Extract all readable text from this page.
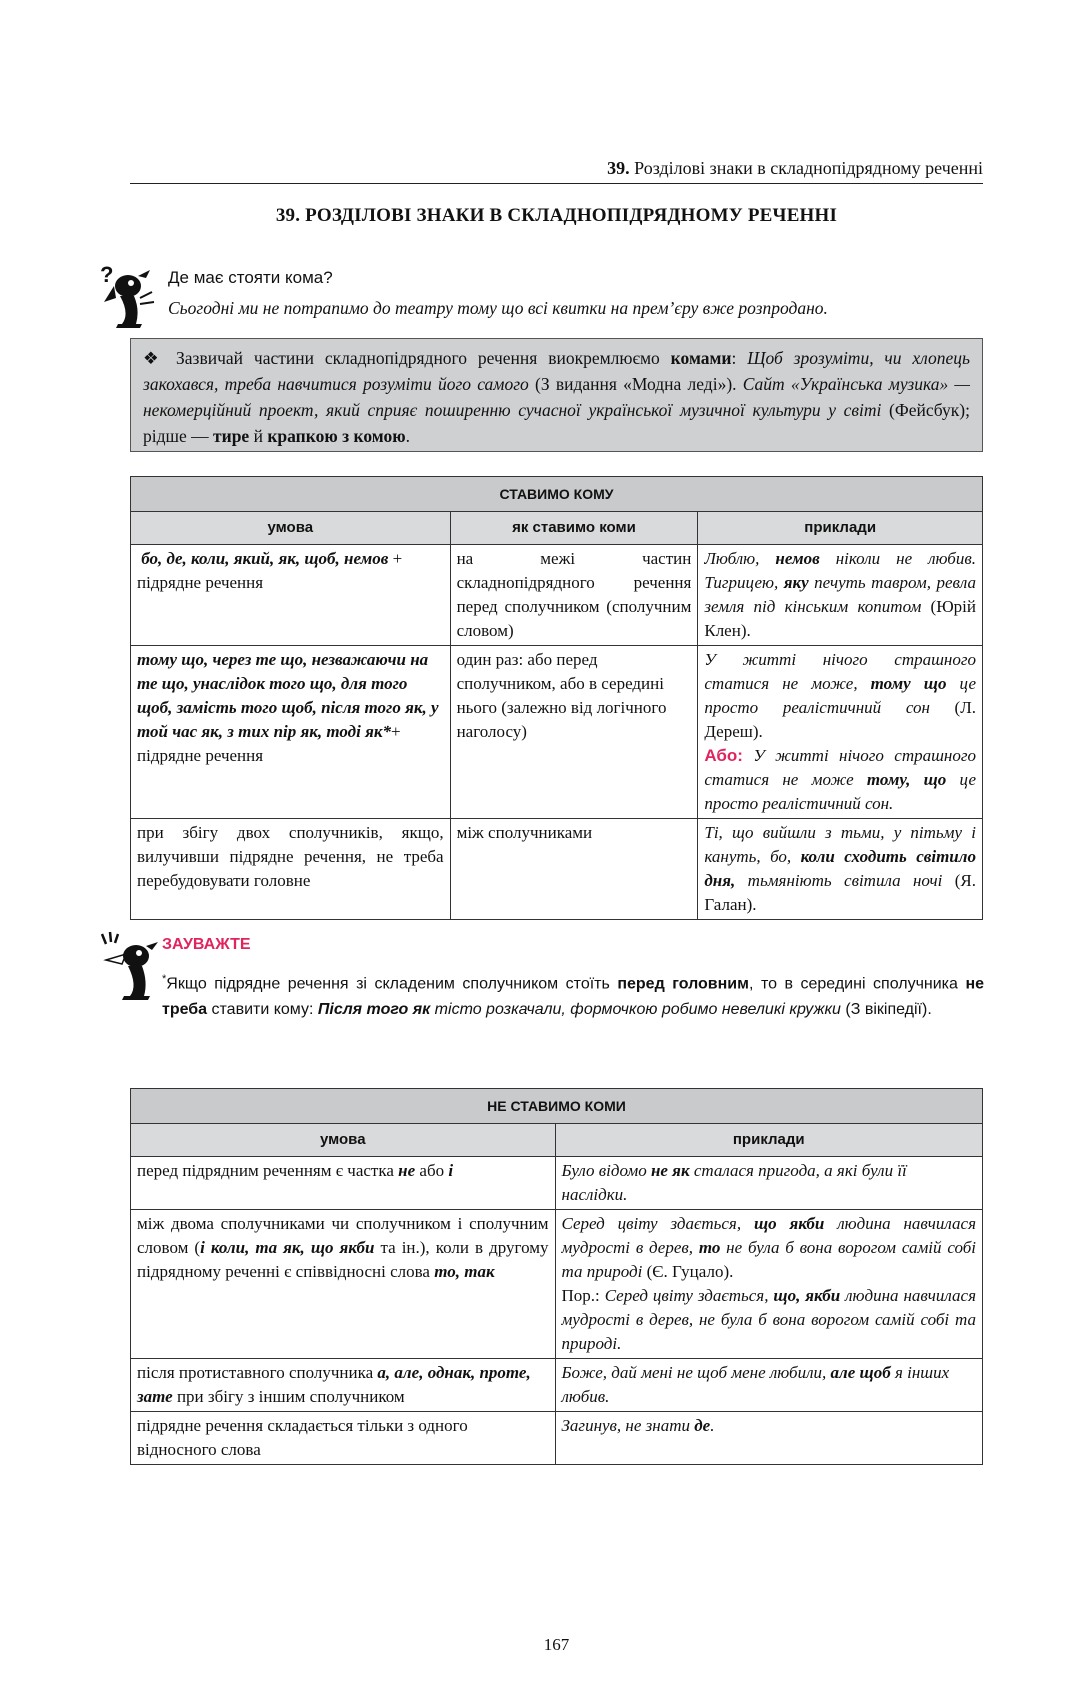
39. Розділові знаки в складнопідрядному реченні
39. РОЗДІЛОВІ ЗНАКИ В СКЛАДНОПІДРЯДНОМУ РЕЧЕННІ
?	Де має стояти кома?
Сьогодні ми не потрапимо до театру тому що всі квитки на прем’єру вже розпродано.
❖ Зазвичай частини складнопідрядного речення виокремлюємо комами: Щоб зрозуміти, чи хлопець закохався, треба навчитися розуміти його самого (З видання «Модна леді»). Сайт «Українська музика» — некомерційний проект, який сприяє поширенню сучасної української музичної культури у світі (Фейсбук); рідше — тире й крапкою з комою.
СТАВИМО КОМУ		
умова	як ставимо коми	приклади
бо, де, коли, який, як, щоб, немов + підрядне речення	на межі частин складнопідрядного речення перед сполучником (сполучним словом)	Люблю, немов ніколи не любив. Тигрицею, яку печуть тавром, ревла земля під кінським копитом (Юрій Клен).
тому що, через те що, незважаючи на те що, унаслідок того що, для того щоб, замість того щоб, після того як, у той час як, з тих пір як, тоді як*+ підрядне речення	один раз: або перед сполучником, або в середині нього (залежно від логічного наголосу)	У житті нічого страшного статися не може, тому що це просто реалістичний сон (Л. Дереш).
Або: У житті нічого страшного статися не може тому, що це просто реалістичний сон.
при збігу двох сполучників, якщо, вилучивши підрядне речення, не треба перебудовувати головне	між сполучниками	Ті, що вийшли з тьми, у пітьму і кануть, бо, коли сходить світило дня, тьмяніють світила ночі (Я. Галан).
ЗАУВАЖТЕ
*Якщо підрядне речення зі складеним сполучником стоїть перед головним, то в середині сполучника не треба ставити кому: Після того як тісто розкачали, формочкою робимо невеликі кружки (З вікіпедії).
НЕ СТАВИМО КОМИ	
умова	приклади
перед підрядним реченням є частка не або і	Було відомо не як сталася пригода, а які були її наслідки.
між двома сполучниками чи сполучником і сполучним словом (і коли, та як, що якби та ін.), коли в другому підрядному реченні є співвідносні слова то, так	Серед цвіту здається, що якби людина навчилася мудрості в дерев, то не була б вона ворогом самій собі та природі (Є. Гуцало).
Пор.: Серед цвіту здається, що, якби людина навчилася мудрості в дерев, не була б вона ворогом самій собі та природі.
після протиставного сполучника а, але, однак, проте, зате при збігу з іншим сполучником	Боже, дай мені не щоб мене любили, але щоб я інших любив.
підрядне речення складається тільки з одного відносного слова	Загинув, не знати де.
167
